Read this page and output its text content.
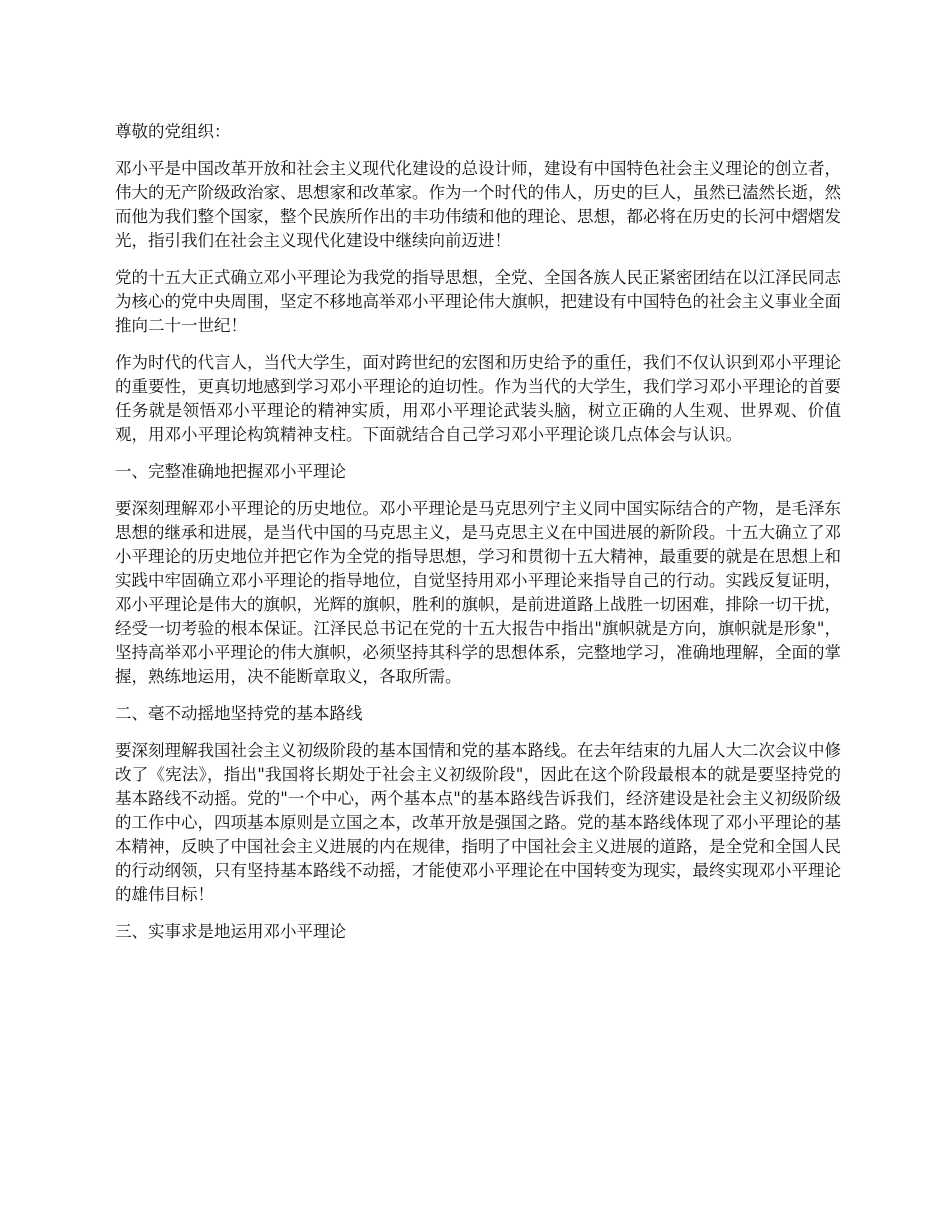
尊敬的党组织：

邓小平是中国改革开放和社会主义现代化建设的总设计师，建设有中国特色社会主义理论的创立者，伟大的无产阶级政治家、思想家和改革家。作为一个时代的伟人，历史的巨人，虽然已溘然长逝，然而他为我们整个国家，整个民族所作出的丰功伟绩和他的理论、思想，都必将在历史的长河中熠熠发光，指引我们在社会主义现代化建设中继续向前迈进！

党的十五大正式确立邓小平理论为我党的指导思想，全党、全国各族人民正紧密团结在以江泽民同志为核心的党中央周围，坚定不移地高举邓小平理论伟大旗帜，把建设有中国特色的社会主义事业全面推向二十一世纪！

作为时代的代言人，当代大学生，面对跨世纪的宏图和历史给予的重任，我们不仅认识到邓小平理论的重要性，更真切地感到学习邓小平理论的迫切性。作为当代的大学生，我们学习邓小平理论的首要任务就是领悟邓小平理论的精神实质，用邓小平理论武装头脑，树立正确的人生观、世界观、价值观，用邓小平理论构筑精神支柱。下面就结合自己学习邓小平理论谈几点体会与认识。

一、完整准确地把握邓小平理论

要深刻理解邓小平理论的历史地位。邓小平理论是马克思列宁主义同中国实际结合的产物，是毛泽东思想的继承和进展，是当代中国的马克思主义，是马克思主义在中国进展的新阶段。十五大确立了邓小平理论的历史地位并把它作为全党的指导思想，学习和贯彻十五大精神，最重要的就是在思想上和实践中牢固确立邓小平理论的指导地位，自觉坚持用邓小平理论来指导自己的行动。实践反复证明，邓小平理论是伟大的旗帜，光辉的旗帜，胜利的旗帜，是前进道路上战胜一切困难，排除一切干扰，经受一切考验的根本保证。江泽民总书记在党的十五大报告中指出"旗帜就是方向，旗帜就是形象"，坚持高举邓小平理论的伟大旗帜，必须坚持其科学的思想体系，完整地学习，准确地理解，全面的掌握，熟练地运用，决不能断章取义，各取所需。

二、毫不动摇地坚持党的基本路线

要深刻理解我国社会主义初级阶段的基本国情和党的基本路线。在去年结束的九届人大二次会议中修改了《宪法》，指出"我国将长期处于社会主义初级阶段"，因此在这个阶段最根本的就是要坚持党的基本路线不动摇。党的"一个中心，两个基本点"的基本路线告诉我们，经济建设是社会主义初级阶级的工作中心，四项基本原则是立国之本，改革开放是强国之路。党的基本路线体现了邓小平理论的基本精神，反映了中国社会主义进展的内在规律，指明了中国社会主义进展的道路，是全党和全国人民的行动纲领，只有坚持基本路线不动摇，才能使邓小平理论在中国转变为现实，最终实现邓小平理论的雄伟目标！

三、实事求是地运用邓小平理论
